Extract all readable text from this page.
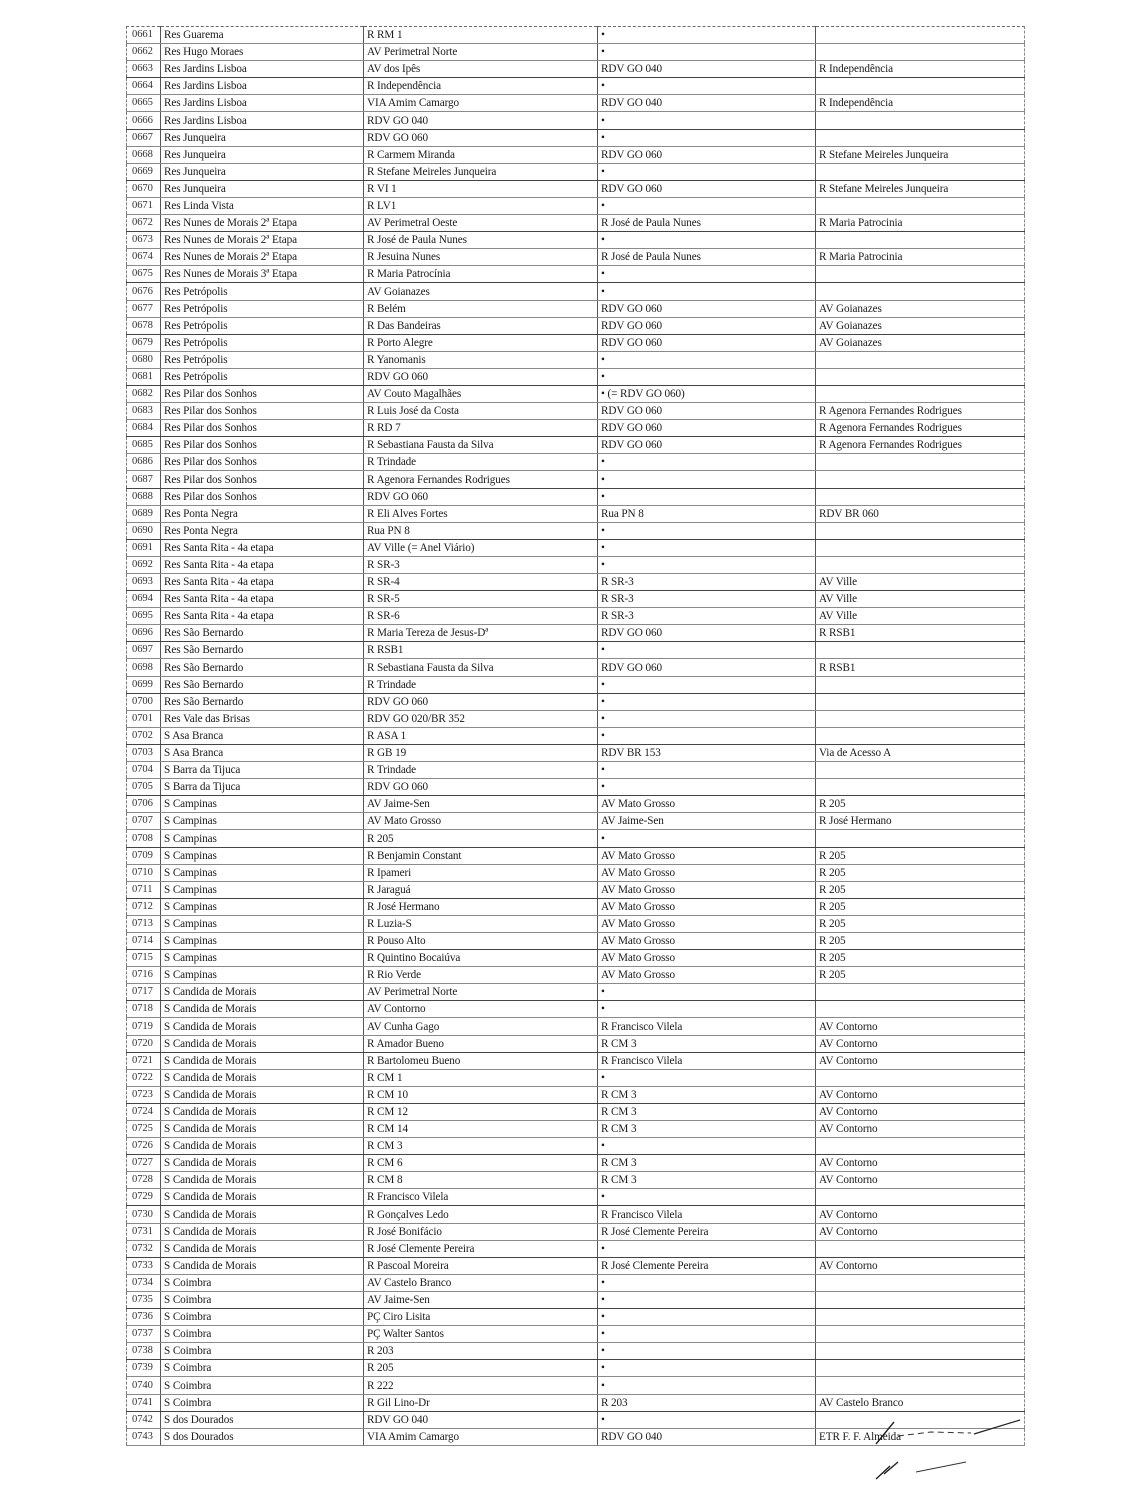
0661	Res Guarema	R RM 1	•	
0662	Res Hugo Moraes	AV Perimetral Norte	•	
0663	Res Jardins Lisboa	AV dos Ipês	RDV GO 040	R Independência
0664	Res Jardins Lisboa	R Independência	•	
0665	Res Jardins Lisboa	VIA Amim Camargo	RDV GO 040	R Independência
0666	Res Jardins Lisboa	RDV GO 040	•	
0667	Res Junqueira	RDV GO 060	•	
0668	Res Junqueira	R Carmem Miranda	RDV GO 060	R Stefane Meireles Junqueira
0669	Res Junqueira	R Stefane Meireles Junqueira	•	
0670	Res Junqueira	R VI 1	RDV GO 060	R Stefane Meireles Junqueira
0671	Res Linda Vista	R LV1	•	
0672	Res Nunes de Morais 2ª Etapa	AV Perimetral Oeste	R José de Paula Nunes	R Maria Patrocinia
0673	Res Nunes de Morais 2ª Etapa	R José de Paula Nunes	•	
0674	Res Nunes de Morais 2ª Etapa	R Jesuina Nunes	R José de Paula Nunes	R Maria Patrocinia
0675	Res Nunes de Morais 3ª Etapa	R Maria Patrocínia	•	
0676	Res Petrópolis	AV Goianazes	•	
0677	Res Petrópolis	R Belém	RDV GO 060	AV Goianazes
0678	Res Petrópolis	R Das Bandeiras	RDV GO 060	AV Goianazes
0679	Res Petrópolis	R Porto Alegre	RDV GO 060	AV Goianazes
0680	Res Petrópolis	R Yanomanis	•	
0681	Res Petrópolis	RDV GO 060	•	
0682	Res Pilar dos Sonhos	AV Couto Magalhães	• (= RDV GO 060)	
0683	Res Pilar dos Sonhos	R Luis José da Costa	RDV GO 060	R Agenora Fernandes Rodrigues
0684	Res Pilar dos Sonhos	R RD 7	RDV GO 060	R Agenora Fernandes Rodrigues
0685	Res Pilar dos Sonhos	R Sebastiana Fausta da Silva	RDV GO 060	R Agenora Fernandes Rodrigues
0686	Res Pilar dos Sonhos	R Trindade	•	
0687	Res Pilar dos Sonhos	R Agenora Fernandes Rodrigues	•	
0688	Res Pilar dos Sonhos	RDV GO 060	•	
0689	Res Ponta Negra	R Eli Alves Fortes	Rua PN 8	RDV BR 060
0690	Res Ponta Negra	Rua PN 8	•	
0691	Res Santa Rita - 4a etapa	AV Ville (= Anel Viário)	•	
0692	Res Santa Rita - 4a etapa	R SR-3	•	
0693	Res Santa Rita - 4a etapa	R SR-4	R SR-3	AV Ville
0694	Res Santa Rita - 4a etapa	R SR-5	R SR-3	AV Ville
0695	Res Santa Rita - 4a etapa	R SR-6	R SR-3	AV Ville
0696	Res São Bernardo	R Maria Tereza de Jesus-Dª	RDV GO 060	R RSB1
0697	Res São Bernardo	R RSB1	•	
0698	Res São Bernardo	R Sebastiana Fausta da Silva	RDV GO 060	R RSB1
0699	Res São Bernardo	R Trindade	•	
0700	Res São Bernardo	RDV GO 060	•	
0701	Res Vale das Brisas	RDV GO 020/BR 352	•	
0702	S Asa Branca	R ASA 1	•	
0703	S Asa Branca	R GB 19	RDV BR 153	Via de Acesso A
0704	S Barra da Tijuca	R Trindade	•	
0705	S Barra da Tijuca	RDV GO 060	•	
0706	S Campinas	AV Jaime-Sen	AV Mato Grosso	R 205
0707	S Campinas	AV Mato Grosso	AV Jaime-Sen	R José Hermano
0708	S Campinas	R 205	•	
0709	S Campinas	R Benjamin Constant	AV Mato Grosso	R 205
0710	S Campinas	R Ipameri	AV Mato Grosso	R 205
0711	S Campinas	R Jaraguá	AV Mato Grosso	R 205
0712	S Campinas	R José Hermano	AV Mato Grosso	R 205
0713	S Campinas	R Luzia-S	AV Mato Grosso	R 205
0714	S Campinas	R Pouso Alto	AV Mato Grosso	R 205
0715	S Campinas	R Quintino Bocaiúva	AV Mato Grosso	R 205
0716	S Campinas	R Rio Verde	AV Mato Grosso	R 205
0717	S Candida de Morais	AV Perimetral Norte	•	
0718	S Candida de Morais	AV Contorno	•	
0719	S Candida de Morais	AV Cunha Gago	R Francisco Vilela	AV Contorno
0720	S Candida de Morais	R Amador Bueno	R CM 3	AV Contorno
0721	S Candida de Morais	R Bartolomeu Bueno	R Francisco Vilela	AV Contorno
0722	S Candida de Morais	R CM 1	•	
0723	S Candida de Morais	R CM 10	R CM 3	AV Contorno
0724	S Candida de Morais	R CM 12	R CM 3	AV Contorno
0725	S Candida de Morais	R CM 14	R CM 3	AV Contorno
0726	S Candida de Morais	R CM 3	•	
0727	S Candida de Morais	R CM 6	R CM 3	AV Contorno
0728	S Candida de Morais	R CM 8	R CM 3	AV Contorno
0729	S Candida de Morais	R Francisco Vilela	•	
0730	S Candida de Morais	R Gonçalves Ledo	R Francisco Vilela	AV Contorno
0731	S Candida de Morais	R José Bonifácio	R José Clemente Pereira	AV Contorno
0732	S Candida de Morais	R José Clemente Pereira	•	
0733	S Candida de Morais	R Pascoal Moreira	R José Clemente Pereira	AV Contorno
0734	S Coimbra	AV Castelo Branco	•	
0735	S Coimbra	AV Jaime-Sen	•	
0736	S Coimbra	PÇ Ciro Lisita	•	
0737	S Coimbra	PÇ Walter Santos	•	
0738	S Coimbra	R 203	•	
0739	S Coimbra	R 205	•	
0740	S Coimbra	R 222	•	
0741	S Coimbra	R Gil Lino-Dr	R 203	AV Castelo Branco
0742	S dos Dourados	RDV GO 040	•	
0743	S dos Dourados	VIA Amim Camargo	RDV GO 040	ETR F. F. Almeida
